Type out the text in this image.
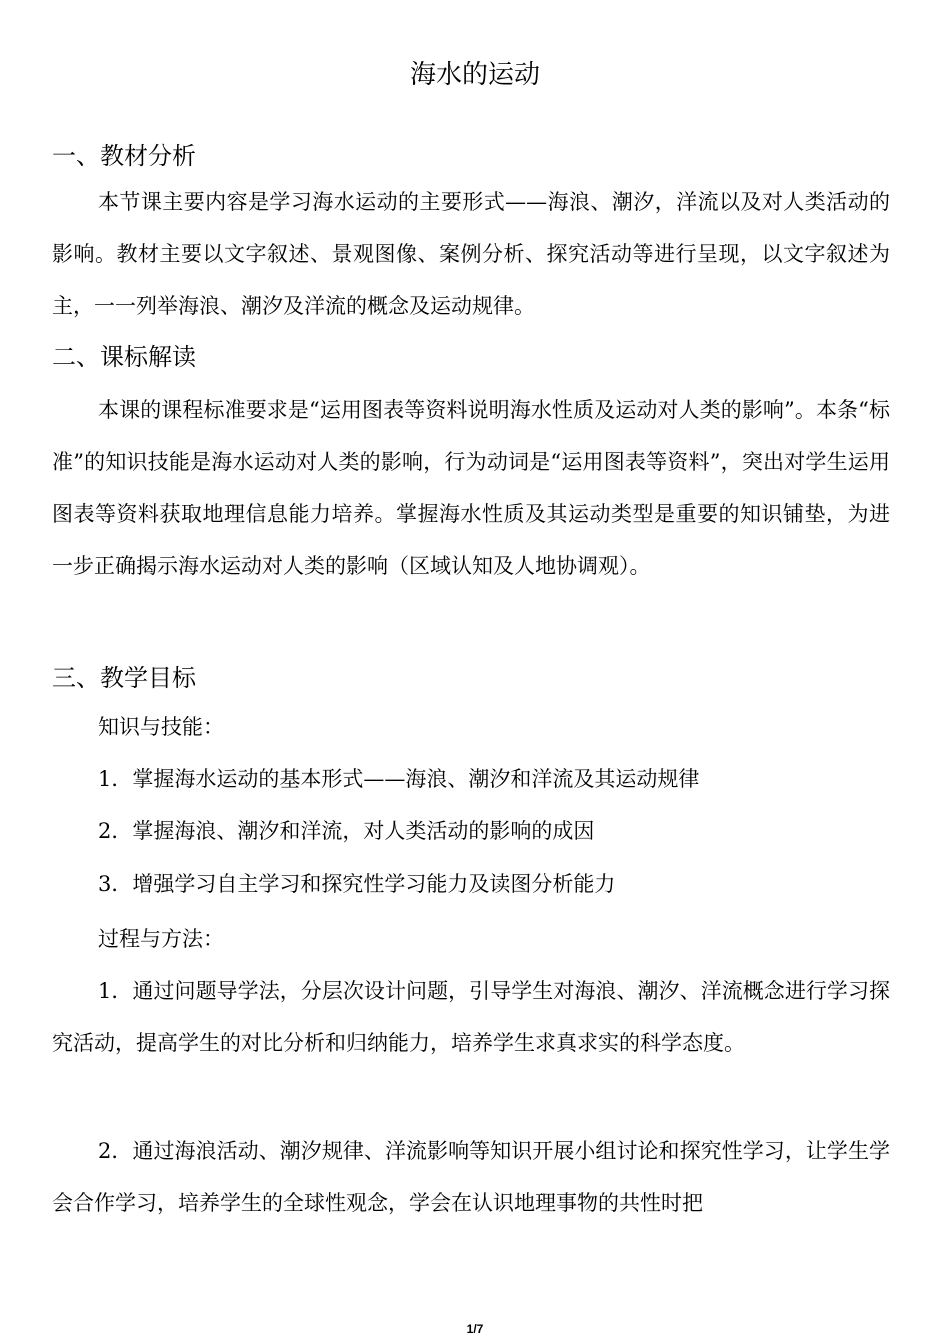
海水的运动
一、教材分析
本节课主要内容是学习海水运动的主要形式——海浪、潮汐，洋流以及对人类活动的影响。教材主要以文字叙述、景观图像、案例分析、探究活动等进行呈现，以文字叙述为主，一一列举海浪、潮汐及洋流的概念及运动规律。
二、课标解读
本课的课程标准要求是“运用图表等资料说明海水性质及运动对人类的影响”。本条“标准”的知识技能是海水运动对人类的影响，行为动词是“运用图表等资料”，突出对学生运用图表等资料获取地理信息能力培养。掌握海水性质及其运动类型是重要的知识铺垫，为进一步正确揭示海水运动对人类的影响（区域认知及人地协调观）。
三、教学目标
知识与技能：
1．掌握海水运动的基本形式——海浪、潮汐和洋流及其运动规律
2．掌握海浪、潮汐和洋流，对人类活动的影响的成因
3．增强学习自主学习和探究性学习能力及读图分析能力
过程与方法：
1．通过问题导学法，分层次设计问题，引导学生对海浪、潮汐、洋流概念进行学习探究活动，提高学生的对比分析和归纳能力，培养学生求真求实的科学态度。
2．通过海浪活动、潮汐规律、洋流影响等知识开展小组讨论和探究性学习，让学生学会合作学习，培养学生的全球性观念，学会在认识地理事物的共性时把
1/7
